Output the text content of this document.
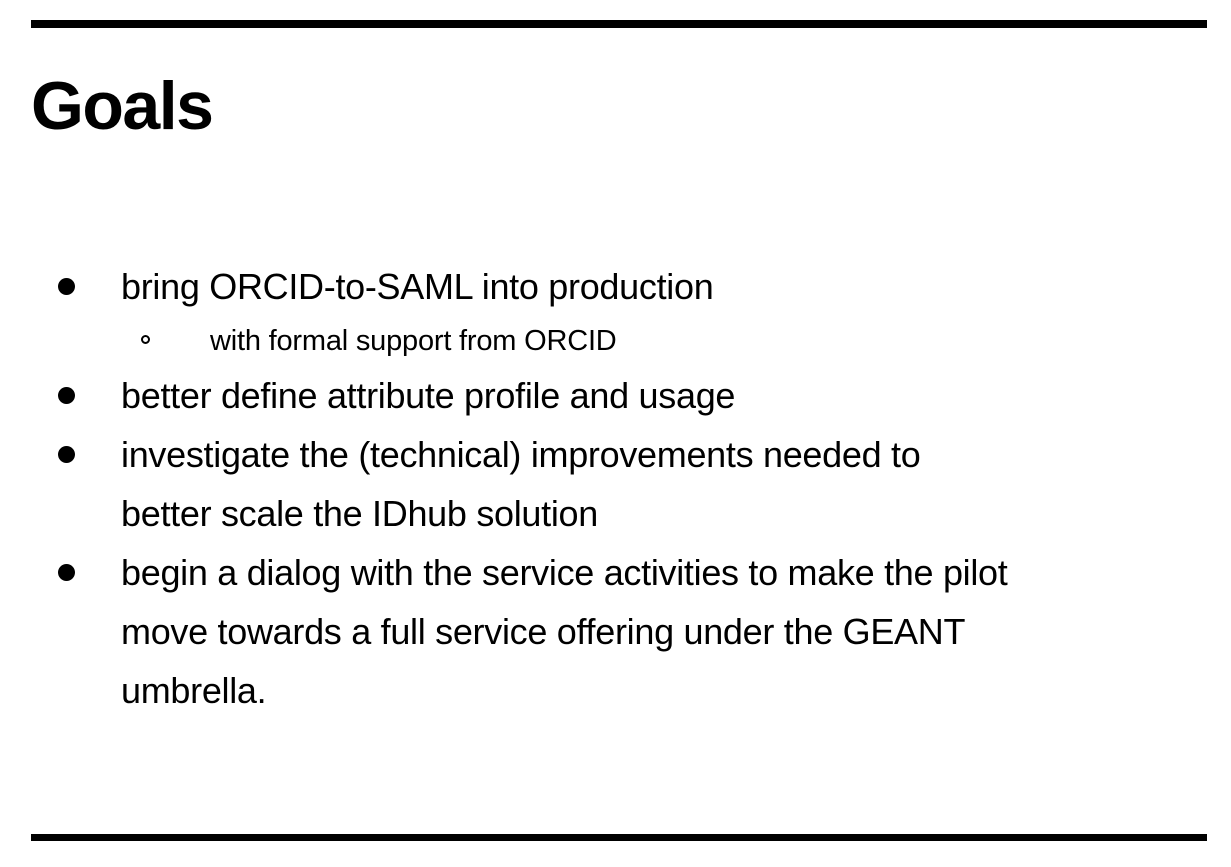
Goals
bring ORCID-to-SAML into production
with formal support from ORCID
better define attribute profile and usage
investigate the (technical) improvements needed to
better scale the IDhub solution
begin a dialog with the service activities to make the pilot
move towards a full service offering under the GEANT
umbrella.
